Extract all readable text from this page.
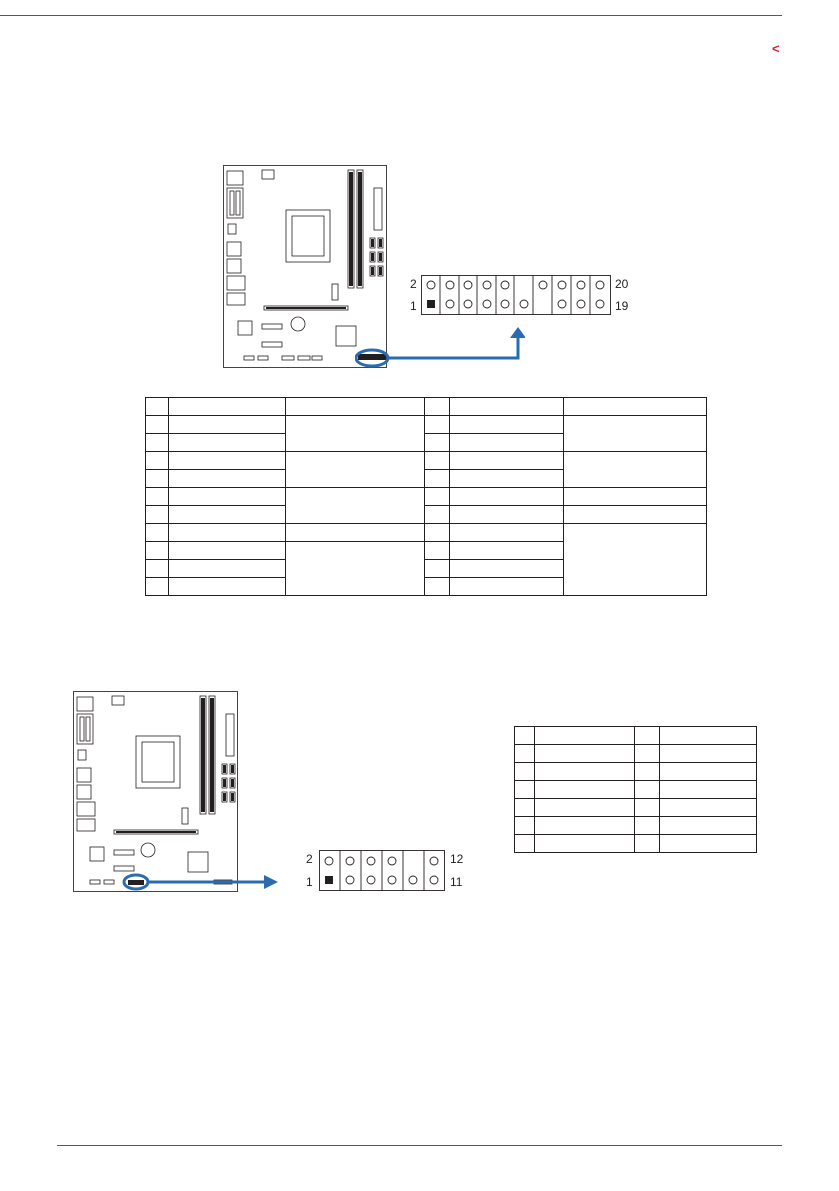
<
2	20
1	19

2	12
1	11
